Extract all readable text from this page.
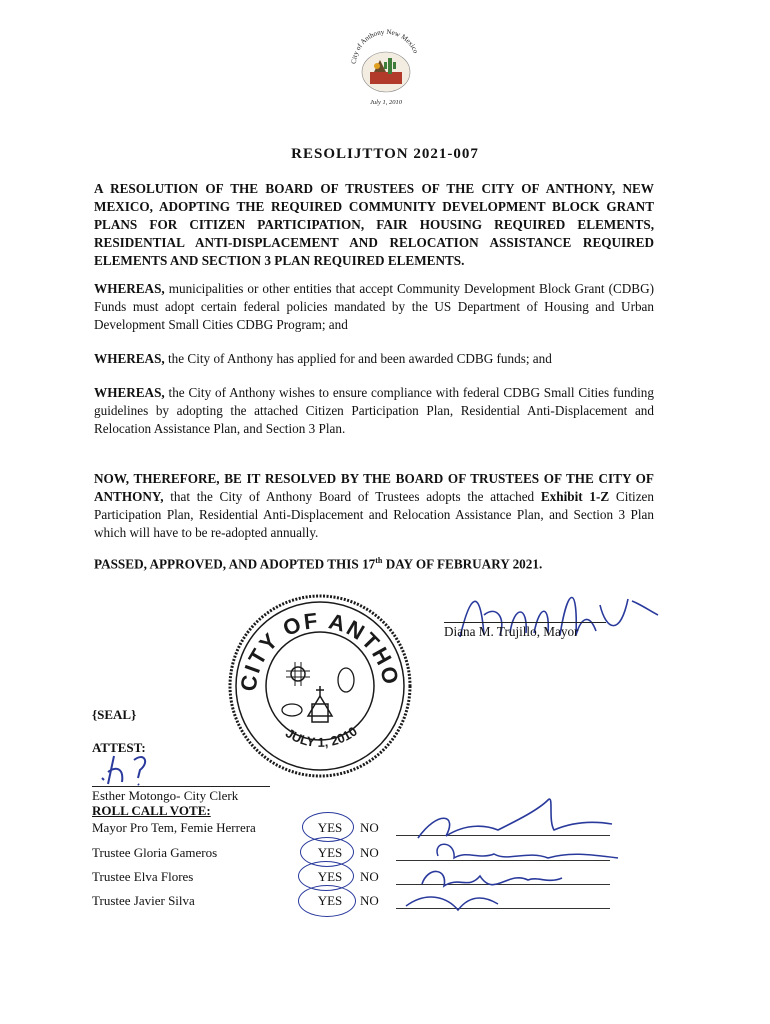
City of Anthony New Mexico
July 1, 2010
RESOLIJTTON 2021-007
A RESOLUTION OF THE BOARD OF TRUSTEES OF THE CITY OF ANTHONY, NEW MEXICO, ADOPTING THE REQUIRED COMMUNITY DEVELOPMENT BLOCK GRANT PLANS FOR CITIZEN PARTICIPATION, FAIR HOUSING REQUIRED ELEMENTS, RESIDENTIAL ANTI-DISPLACEMENT AND RELOCATION ASSISTANCE REQUIRED ELEMENTS AND SECTION 3 PLAN REQUIRED ELEMENTS.
WHEREAS, municipalities or other entities that accept Community Development Block Grant (CDBG) Funds must adopt certain federal policies mandated by the US Department of Housing and Urban Development Small Cities CDBG Program; and
WHEREAS, the City of Anthony has applied for and been awarded CDBG funds; and
WHEREAS, the City of Anthony wishes to ensure compliance with federal CDBG Small Cities funding guidelines by adopting the attached Citizen Participation Plan, Residential Anti-Displacement and Relocation Assistance Plan, and Section 3 Plan.
NOW, THEREFORE, BE IT RESOLVED BY THE BOARD OF TRUSTEES OF THE CITY OF ANTHONY, that the City of Anthony Board of Trustees adopts the attached Exhibit 1-Z Citizen Participation Plan, Residential Anti-Displacement and Relocation Assistance Plan, and Section 3 Plan which will have to be re-adopted annually.
PASSED, APPROVED, AND ADOPTED THIS 17th DAY OF FEBRUARY 2021.
CITY OF ANTHO
JULY 1, 2010
Diana M. Trujillo, Mayor
{SEAL}
ATTEST:
Esther Motongo- City Clerk
ROLL CALL VOTE:
Mayor Pro Tem, Femie Herrera	YES	NO
Trustee Gloria Gameros	YES	NO
Trustee Elva Flores	YES	NO
Trustee Javier Silva	YES	NO
